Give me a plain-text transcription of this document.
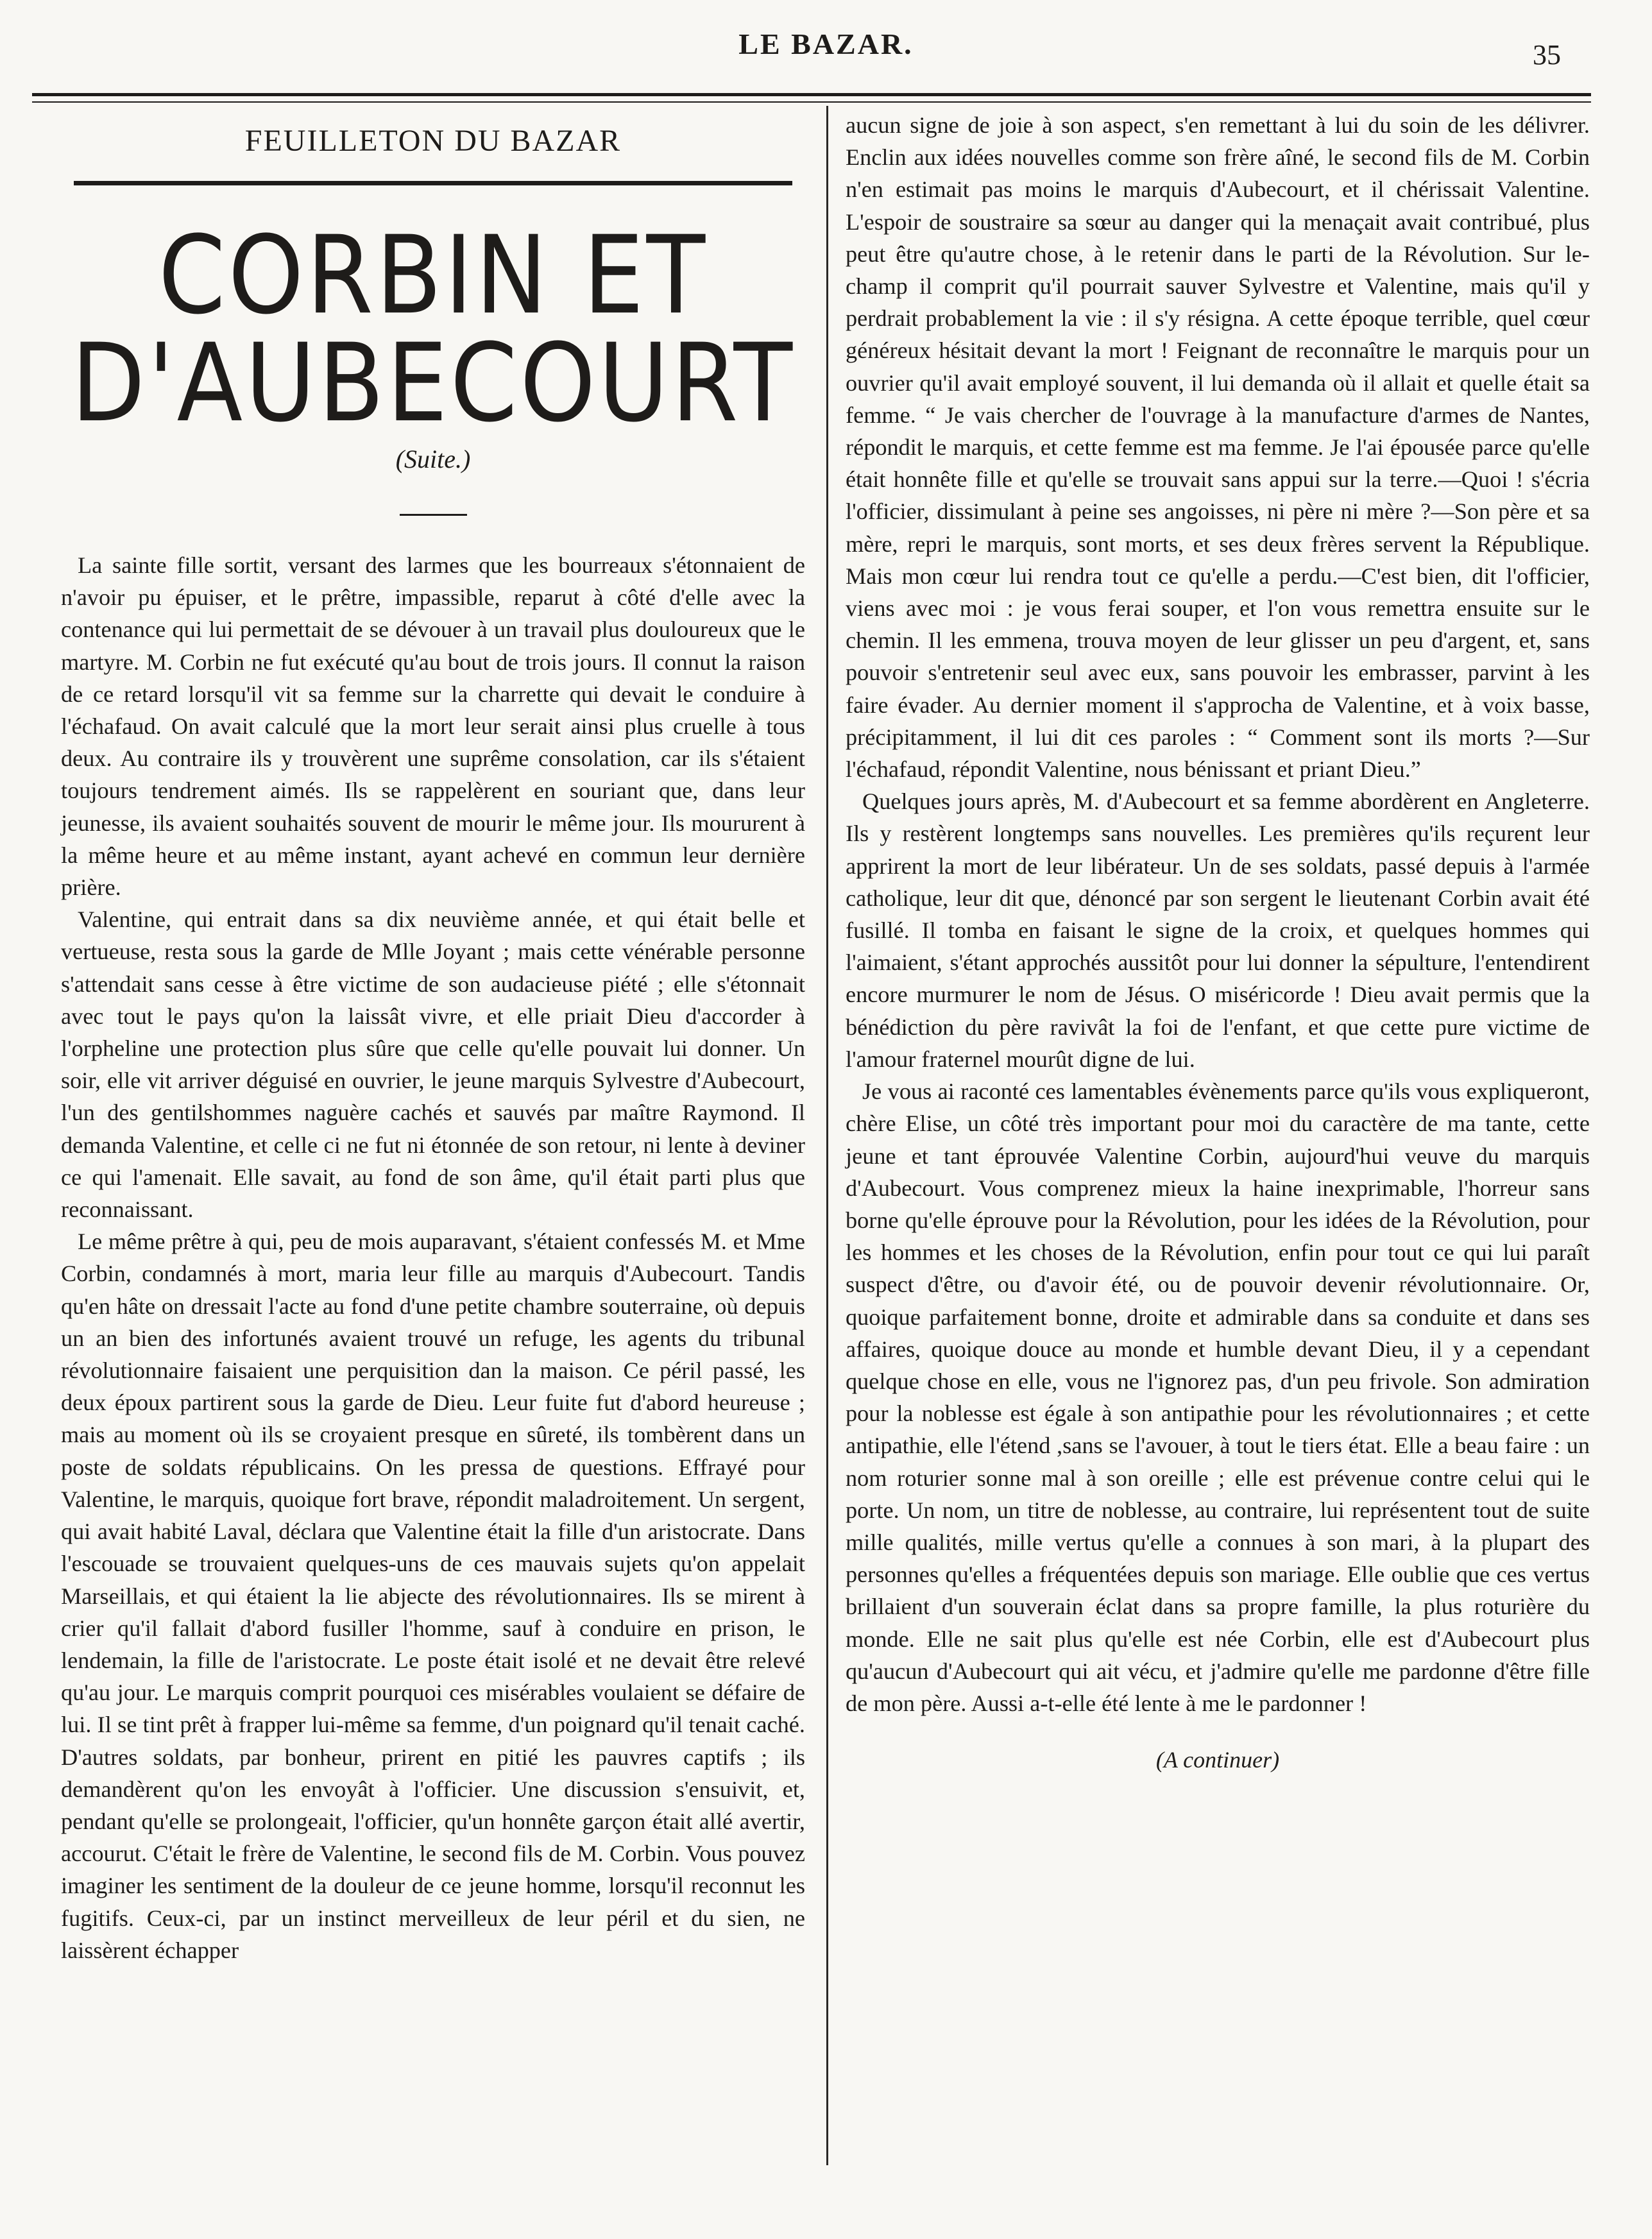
LE BAZAR.	35
FEUILLETON DU BAZAR
CORBIN ET D'AUBECOURT
(Suite.)

La sainte fille sortit, versant des larmes que les bourreaux s'étonnaient de n'avoir pu épuiser, et le prêtre, impassible, reparut à côté d'elle avec la contenance qui lui permettait de se dévouer à un travail plus douloureux que le martyre. M. Corbin ne fut exécuté qu'au bout de trois jours. Il connut la raison de ce retard lorsqu'il vit sa femme sur la charrette qui devait le conduire à l'échafaud. On avait calculé que la mort leur serait ainsi plus cruelle à tous deux. Au contraire ils y trouvèrent une suprême consolation, car ils s'étaient toujours tendrement aimés. Ils se rappelèrent en souriant que, dans leur jeunesse, ils avaient souhaités souvent de mourir le même jour. Ils moururent à la même heure et au même instant, ayant achevé en commun leur dernière prière.

Valentine, qui entrait dans sa dix neuvième année, et qui était belle et vertueuse, resta sous la garde de Mlle Joyant ; mais cette vénérable personne s'attendait sans cesse à être victime de son audacieuse piété ; elle s'étonnait avec tout le pays qu'on la laissât vivre, et elle priait Dieu d'accorder à l'orpheline une protection plus sûre que celle qu'elle pouvait lui donner. Un soir, elle vit arriver déguisé en ouvrier, le jeune marquis Sylvestre d'Aubecourt, l'un des gentilshommes naguère cachés et sauvés par maître Raymond. Il demanda Valentine, et celle ci ne fut ni étonnée de son retour, ni lente à deviner ce qui l'amenait. Elle savait, au fond de son âme, qu'il était parti plus que reconnaissant.

Le même prêtre à qui, peu de mois auparavant, s'étaient confessés M. et Mme Corbin, condamnés à mort, maria leur fille au marquis d'Aubecourt. Tandis qu'en hâte on dressait l'acte au fond d'une petite chambre souterraine, où depuis un an bien des infortunés avaient trouvé un refuge, les agents du tribunal révolutionnaire faisaient une perquisition dan la maison. Ce péril passé, les deux époux partirent sous la garde de Dieu. Leur fuite fut d'abord heureuse ; mais au moment où ils se croyaient presque en sûreté, ils tombèrent dans un poste de soldats républicains. On les pressa de questions. Effrayé pour Valentine, le marquis, quoique fort brave, répondit maladroitement. Un sergent, qui avait habité Laval, déclara que Valentine était la fille d'un aristocrate. Dans l'escouade se trouvaient quelques-uns de ces mauvais sujets qu'on appelait Marseillais, et qui étaient la lie abjecte des révolutionnaires. Ils se mirent à crier qu'il fallait d'abord fusiller l'homme, sauf à conduire en prison, le lendemain, la fille de l'aristocrate. Le poste était isolé et ne devait être relevé qu'au jour. Le marquis comprit pourquoi ces misérables voulaient se défaire de lui. Il se tint prêt à frapper lui-même sa femme, d'un poignard qu'il tenait caché. D'autres soldats, par bonheur, prirent en pitié les pauvres captifs ; ils demandèrent qu'on les envoyât à l'officier. Une discussion s'ensuivit, et, pendant qu'elle se prolongeait, l'officier, qu'un honnête garçon était allé avertir, accourut. C'était le frère de Valentine, le second fils de M. Corbin. Vous pouvez imaginer les sentiment de la douleur de ce jeune homme, lorsqu'il reconnut les fugitifs. Ceux-ci, par un instinct merveilleux de leur péril et du sien, ne laissèrent échapper

aucun signe de joie à son aspect, s'en remettant à lui du soin de les délivrer. Enclin aux idées nouvelles comme son frère aîné, le second fils de M. Corbin n'en estimait pas moins le marquis d'Aubecourt, et il chérissait Valentine. L'espoir de soustraire sa sœur au danger qui la menaçait avait contribué, plus peut être qu'autre chose, à le retenir dans le parti de la Révolution. Sur le-champ il comprit qu'il pourrait sauver Sylvestre et Valentine, mais qu'il y perdrait probablement la vie : il s'y résigna. A cette époque terrible, quel cœur généreux hésitait devant la mort ! Feignant de reconnaître le marquis pour un ouvrier qu'il avait employé souvent, il lui demanda où il allait et quelle était sa femme. “ Je vais chercher de l'ouvrage à la manufacture d'armes de Nantes, répondit le marquis, et cette femme est ma femme. Je l'ai épousée parce qu'elle était honnête fille et qu'elle se trouvait sans appui sur la terre.—Quoi ! s'écria l'officier, dissimulant à peine ses angoisses, ni père ni mère ?—Son père et sa mère, repri le marquis, sont morts, et ses deux frères servent la République. Mais mon cœur lui rendra tout ce qu'elle a perdu.—C'est bien, dit l'officier, viens avec moi : je vous ferai souper, et l'on vous remettra ensuite sur le chemin. Il les emmena, trouva moyen de leur glisser un peu d'argent, et, sans pouvoir s'entretenir seul avec eux, sans pouvoir les embrasser, parvint à les faire évader. Au dernier moment il s'approcha de Valentine, et à voix basse, précipitamment, il lui dit ces paroles : “ Comment sont ils morts ?—Sur l'échafaud, répondit Valentine, nous bénissant et priant Dieu.”

Quelques jours après, M. d'Aubecourt et sa femme abordèrent en Angleterre. Ils y restèrent longtemps sans nouvelles. Les premières qu'ils reçurent leur apprirent la mort de leur libérateur. Un de ses soldats, passé depuis à l'armée catholique, leur dit que, dénoncé par son sergent le lieutenant Corbin avait été fusillé. Il tomba en faisant le signe de la croix, et quelques hommes qui l'aimaient, s'étant approchés aussitôt pour lui donner la sépulture, l'entendirent encore murmurer le nom de Jésus. O miséricorde ! Dieu avait permis que la bénédiction du père ravivât la foi de l'enfant, et que cette pure victime de l'amour fraternel mourût digne de lui.

Je vous ai raconté ces lamentables évènements parce qu'ils vous expliqueront, chère Elise, un côté très important pour moi du caractère de ma tante, cette jeune et tant éprouvée Valentine Corbin, aujourd'hui veuve du marquis d'Aubecourt. Vous comprenez mieux la haine inexprimable, l'horreur sans borne qu'elle éprouve pour la Révolution, pour les idées de la Révolution, pour les hommes et les choses de la Révolution, enfin pour tout ce qui lui paraît suspect d'être, ou d'avoir été, ou de pouvoir devenir révolutionnaire. Or, quoique parfaitement bonne, droite et admirable dans sa conduite et dans ses affaires, quoique douce au monde et humble devant Dieu, il y a cependant quelque chose en elle, vous ne l'ignorez pas, d'un peu frivole. Son admiration pour la noblesse est égale à son antipathie pour les révolutionnaires ; et cette antipathie, elle l'étend ,sans se l'avouer, à tout le tiers état. Elle a beau faire : un nom roturier sonne mal à son oreille ; elle est prévenue contre celui qui le porte. Un nom, un titre de noblesse, au contraire, lui représentent tout de suite mille qualités, mille vertus qu'elle a connues à son mari, à la plupart des personnes qu'elles a fréquentées depuis son mariage. Elle oublie que ces vertus brillaient d'un souverain éclat dans sa propre famille, la plus roturière du monde. Elle ne sait plus qu'elle est née Corbin, elle est d'Aubecourt plus qu'aucun d'Aubecourt qui ait vécu, et j'admire qu'elle me pardonne d'être fille de mon père. Aussi a-t-elle été lente à me le pardonner !

(A continuer)
